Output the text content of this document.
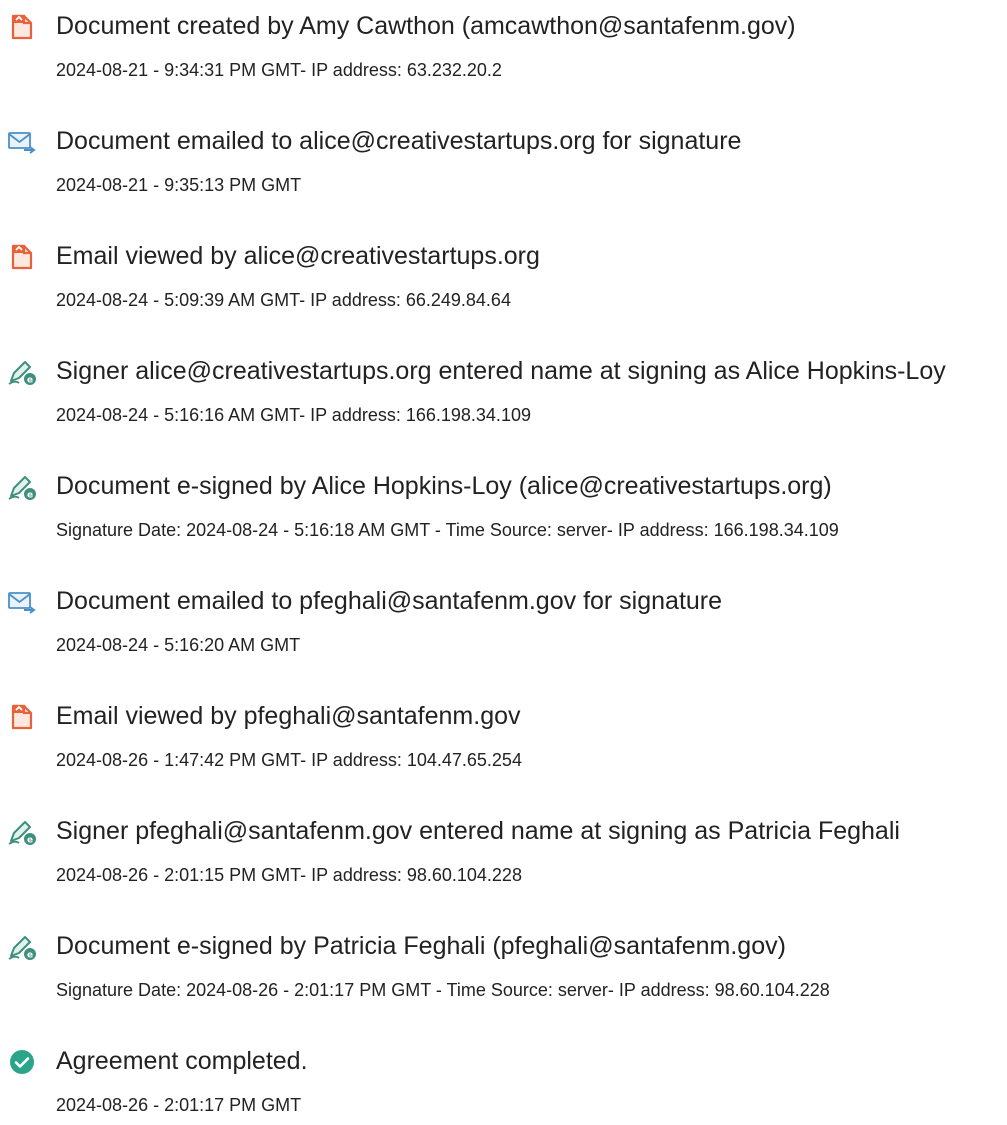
Document created by Amy Cawthon (amcawthon@santafenm.gov)
2024-08-21 - 9:34:31 PM GMT- IP address: 63.232.20.2
Document emailed to alice@creativestartups.org for signature
2024-08-21 - 9:35:13 PM GMT
Email viewed by alice@creativestartups.org
2024-08-24 - 5:09:39 AM GMT- IP address: 66.249.84.64
e Signer alice@creativestartups.org entered name at signing as Alice Hopkins-Loy
2024-08-24 - 5:16:16 AM GMT- IP address: 166.198.34.109
e Document e-signed by Alice Hopkins-Loy (alice@creativestartups.org)
Signature Date: 2024-08-24 - 5:16:18 AM GMT - Time Source: server- IP address: 166.198.34.109
Document emailed to pfeghali@santafenm.gov for signature
2024-08-24 - 5:16:20 AM GMT
Email viewed by pfeghali@santafenm.gov
2024-08-26 - 1:47:42 PM GMT- IP address: 104.47.65.254
e Signer pfeghali@santafenm.gov entered name at signing as Patricia Feghali
2024-08-26 - 2:01:15 PM GMT- IP address: 98.60.104.228
e Document e-signed by Patricia Feghali (pfeghali@santafenm.gov)
Signature Date: 2024-08-26 - 2:01:17 PM GMT - Time Source: server- IP address: 98.60.104.228
Agreement completed.
2024-08-26 - 2:01:17 PM GMT
